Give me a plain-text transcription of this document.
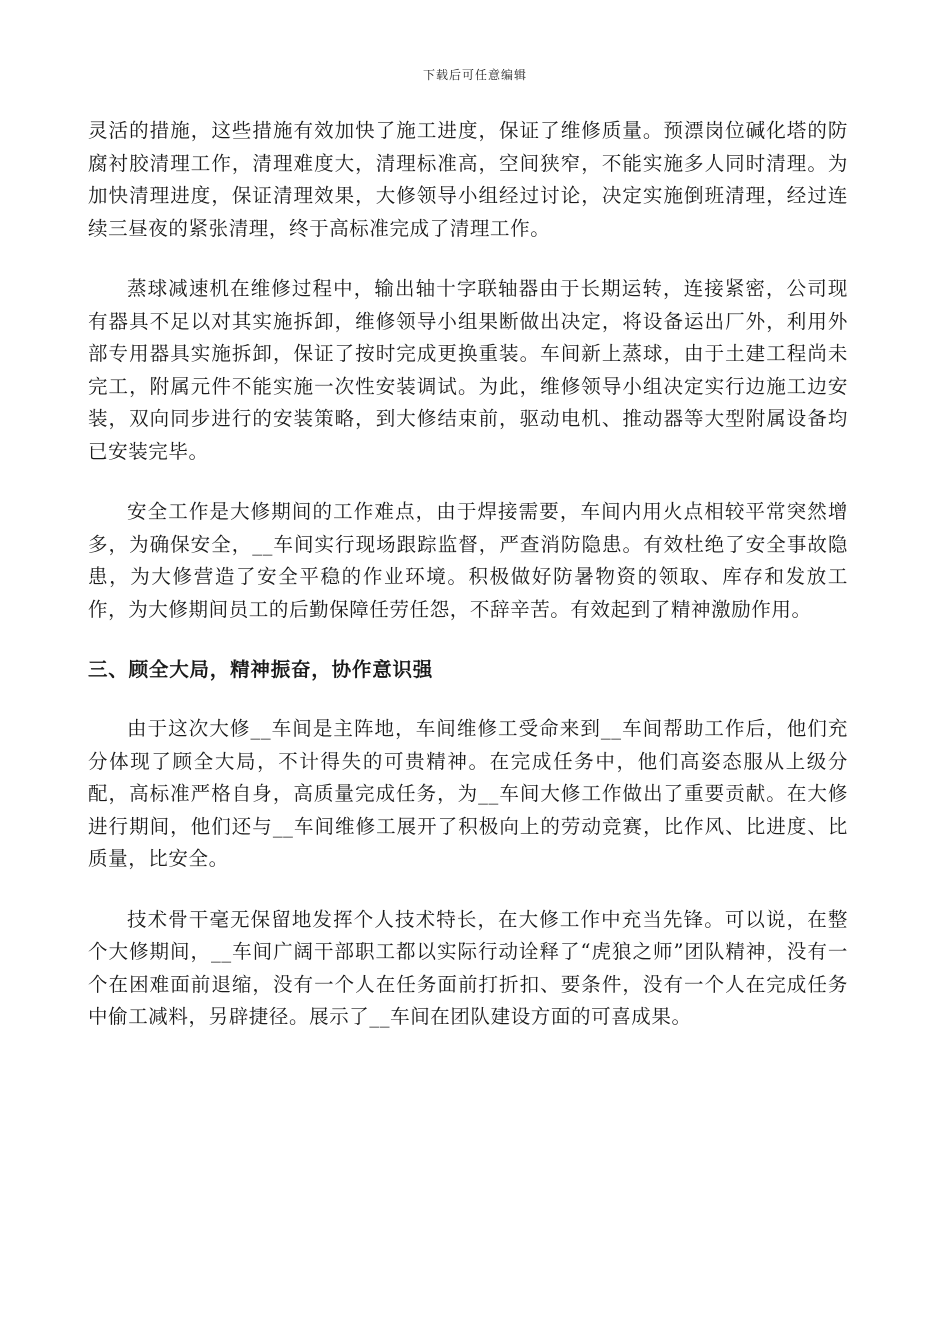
下载后可任意编辑

灵活的措施，这些措施有效加快了施工进度，保证了维修质量。预漂岗位碱化塔的防腐衬胶清理工作，清理难度大，清理标准高，空间狭窄，不能实施多人同时清理。为加快清理进度，保证清理效果，大修领导小组经过讨论，决定实施倒班清理，经过连续三昼夜的紧张清理，终于高标准完成了清理工作。

蒸球减速机在维修过程中，输出轴十字联轴器由于长期运转，连接紧密，公司现有器具不足以对其实施拆卸，维修领导小组果断做出决定，将设备运出厂外，利用外部专用器具实施拆卸，保证了按时完成更换重装。车间新上蒸球，由于土建工程尚未完工，附属元件不能实施一次性安装调试。为此，维修领导小组决定实行边施工边安装，双向同步进行的安装策略，到大修结束前，驱动电机、推动器等大型附属设备均已安装完毕。

安全工作是大修期间的工作难点，由于焊接需要，车间内用火点相较平常突然增多，为确保安全，__车间实行现场跟踪监督，严查消防隐患。有效杜绝了安全事故隐患，为大修营造了安全平稳的作业环境。积极做好防暑物资的领取、库存和发放工作，为大修期间员工的后勤保障任劳任怨，不辞辛苦。有效起到了精神激励作用。

三、顾全大局，精神振奋，协作意识强

由于这次大修__车间是主阵地，车间维修工受命来到__车间帮助工作后，他们充分体现了顾全大局，不计得失的可贵精神。在完成任务中，他们高姿态服从上级分配，高标准严格自身，高质量完成任务，为__车间大修工作做出了重要贡献。在大修进行期间，他们还与__车间维修工展开了积极向上的劳动竞赛，比作风、比进度、比质量，比安全。

技术骨干毫无保留地发挥个人技术特长，在大修工作中充当先锋。可以说，在整个大修期间，__车间广阔干部职工都以实际行动诠释了“虎狼之师”团队精神，没有一个在困难面前退缩，没有一个人在任务面前打折扣、要条件，没有一个人在完成任务中偷工减料，另辟捷径。展示了__车间在团队建设方面的可喜成果。
